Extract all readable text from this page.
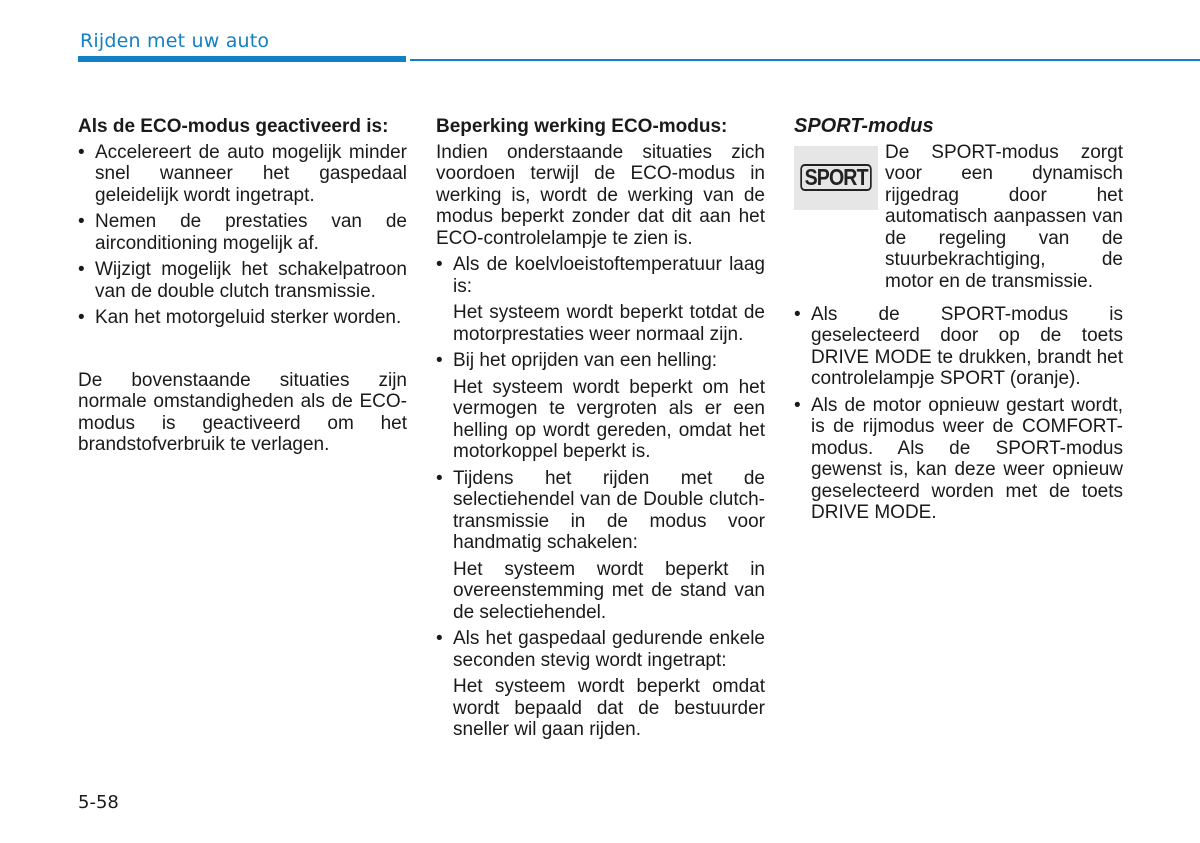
Rijden met uw auto
Als de ECO-modus geactiveerd is:
• Accelereert de auto mogelijk minder snel wanneer het gaspedaal geleidelijk wordt ingetrapt.
• Nemen de prestaties van de airconditioning mogelijk af.
• Wijzigt mogelijk het schakelpatroon van de double clutch transmissie.
• Kan het motorgeluid sterker worden.

De bovenstaande situaties zijn normale omstandigheden als de ECO-modus is geactiveerd om het brandstofverbruik te verlagen.

Beperking werking ECO-modus:

Indien onderstaande situaties zich voordoen terwijl de ECO-modus in werking is, wordt de werking van de modus beperkt zonder dat dit aan het ECO-controlelampje te zien is.

• Als de koelvloeistoftemperatuur laag is:
Het systeem wordt beperkt totdat de motorprestaties weer normaal zijn.
• Bij het oprijden van een helling:
Het systeem wordt beperkt om het vermogen te vergroten als er een helling op wordt gereden, omdat het motorkoppel beperkt is.
• Tijdens het rijden met de selectiehendel van de Double clutch-transmissie in de modus voor handmatig schakelen:
Het systeem wordt beperkt in overeenstemming met de stand van de selectiehendel.
• Als het gaspedaal gedurende enkele seconden stevig wordt ingetrapt:
Het systeem wordt beperkt omdat wordt bepaald dat de bestuurder sneller wil gaan rijden.
SPORT-modus
SPORT
De SPORT-modus zorgt voor een dynamisch rijgedrag door het automatisch aanpassen van de regeling van de stuurbekrachtiging, de motor en de transmissie.
• Als de SPORT-modus is geselecteerd door op de toets DRIVE MODE te drukken, brandt het controlelampje SPORT (oranje).
• Als de motor opnieuw gestart wordt, is de rijmodus weer de COMFORT-modus. Als de SPORT-modus gewenst is, kan deze weer opnieuw geselecteerd worden met de toets DRIVE MODE.
5-58
